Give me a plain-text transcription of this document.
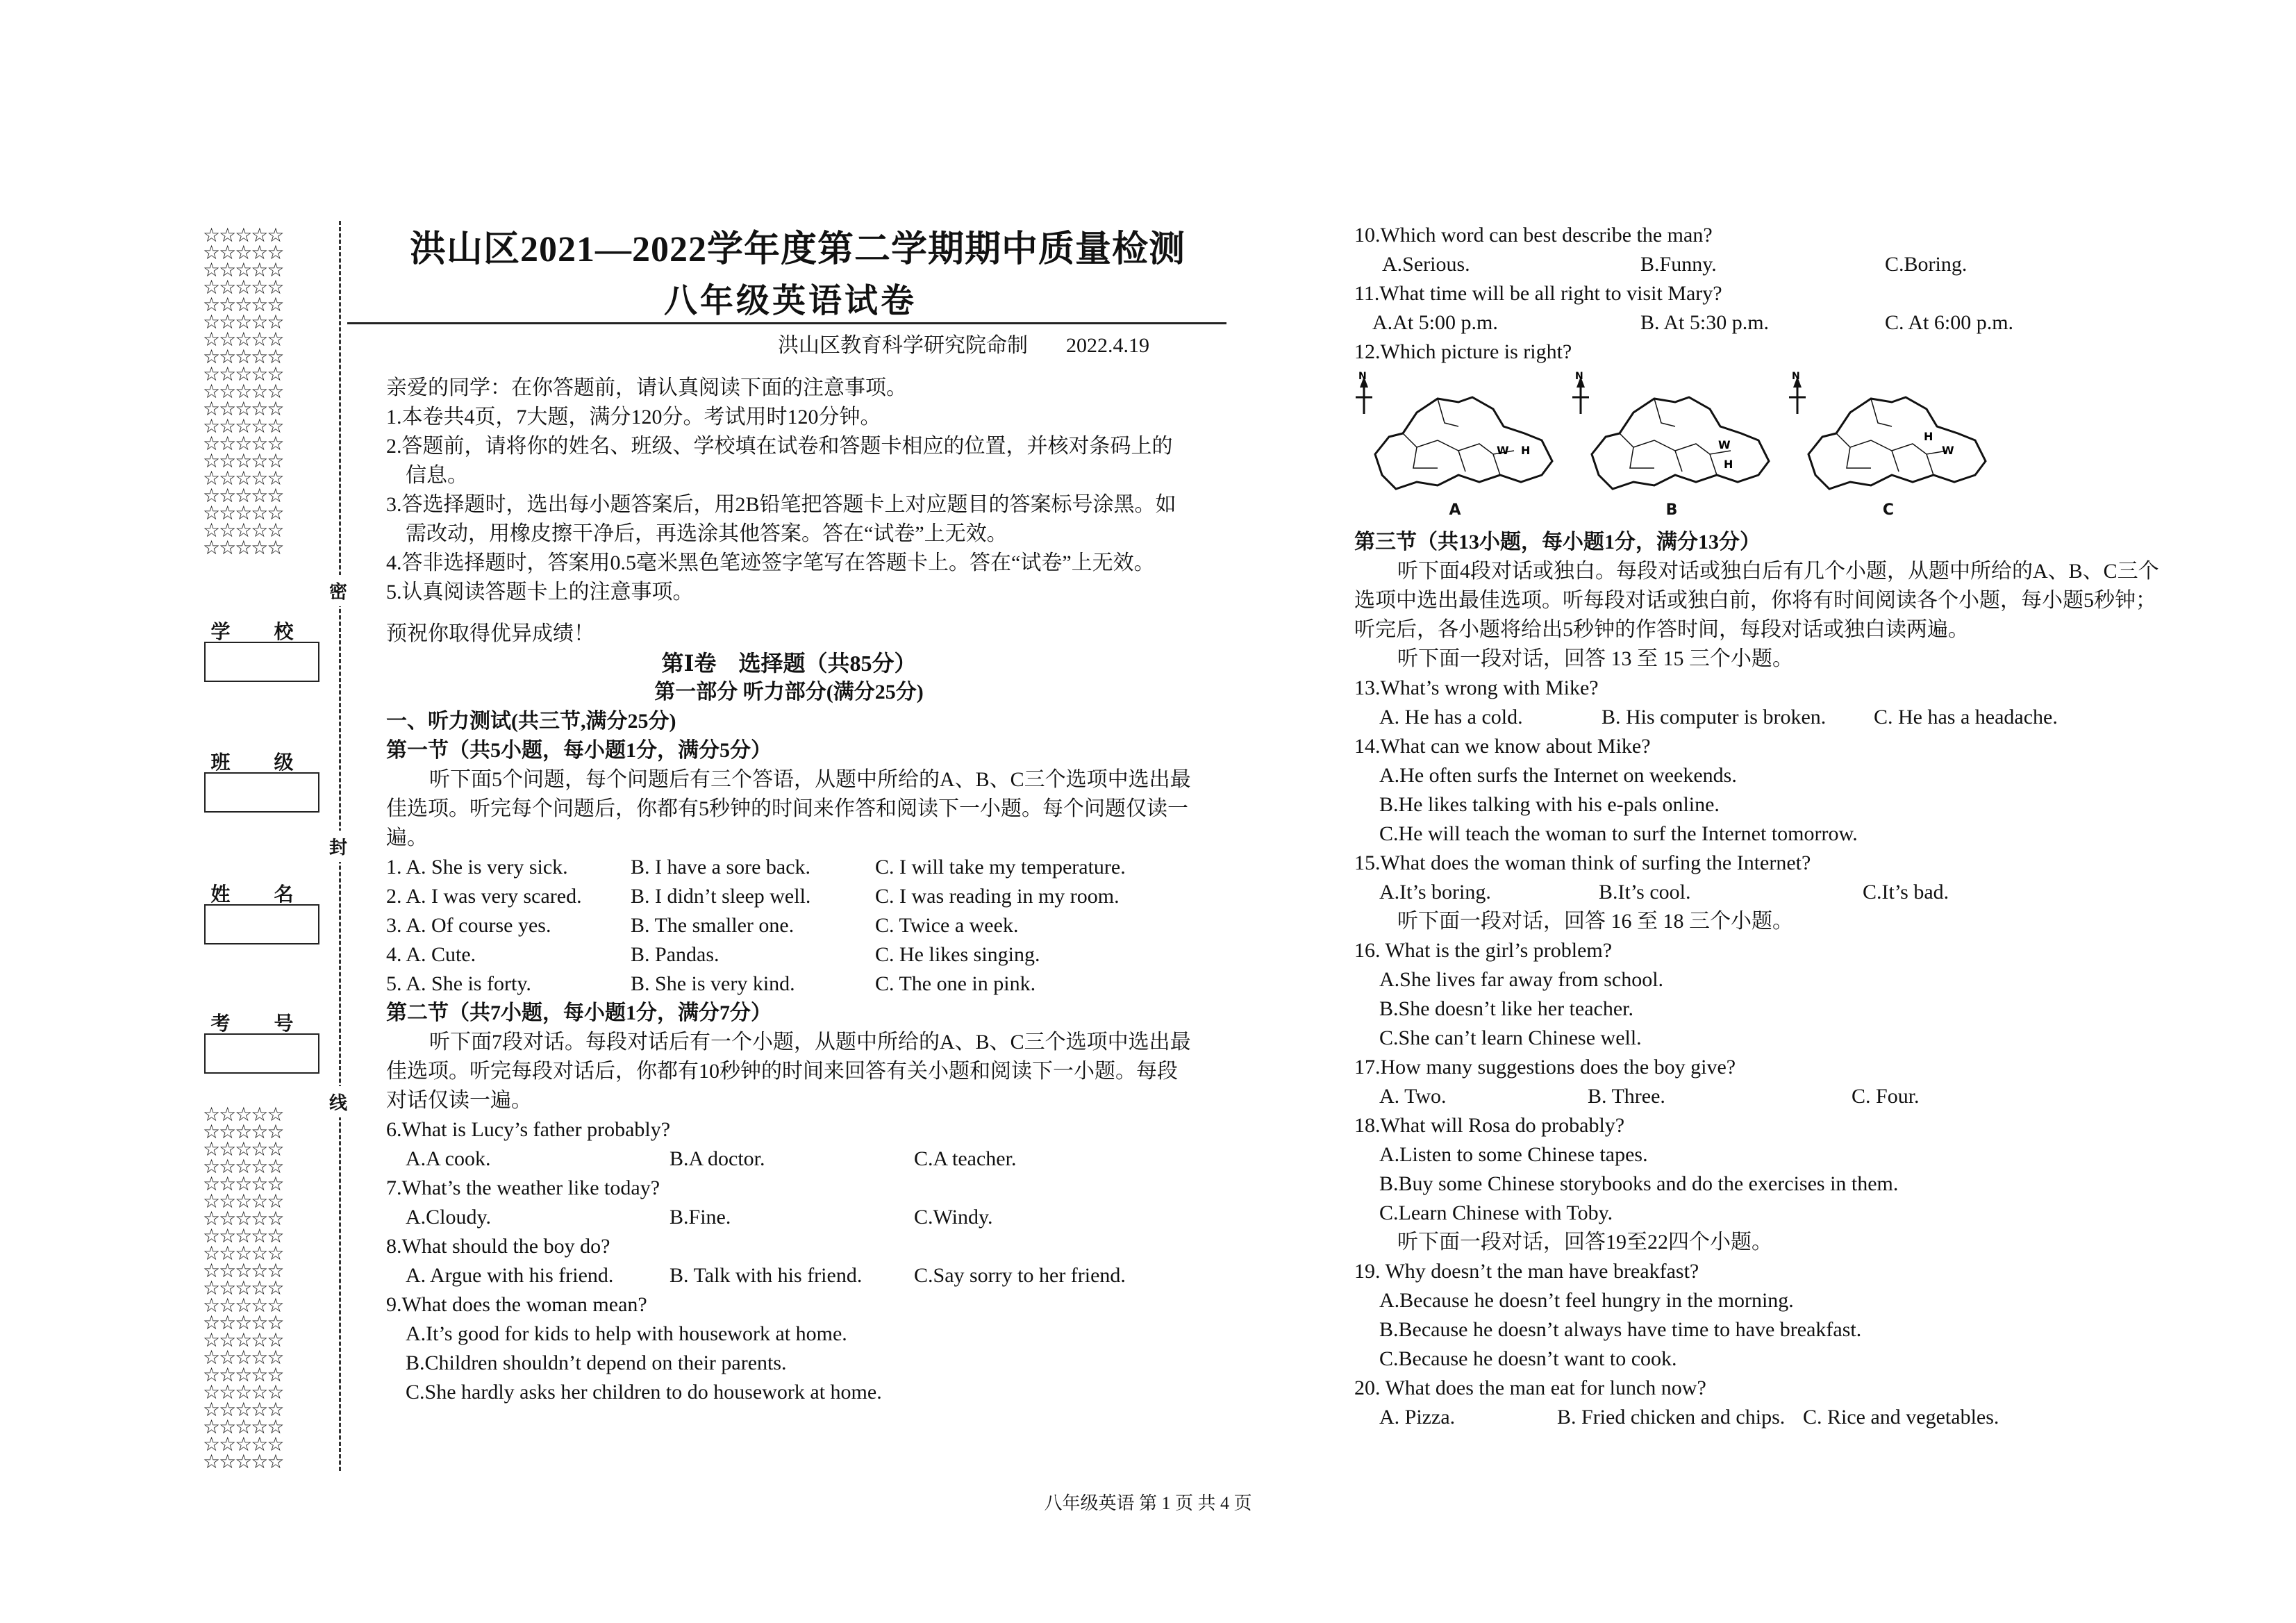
☆☆☆☆☆
☆☆☆☆☆
☆☆☆☆☆
☆☆☆☆☆
☆☆☆☆☆
☆☆☆☆☆
☆☆☆☆☆
☆☆☆☆☆
☆☆☆☆☆
☆☆☆☆☆
☆☆☆☆☆
☆☆☆☆☆
☆☆☆☆☆
☆☆☆☆☆
☆☆☆☆☆
☆☆☆☆☆
☆☆☆☆☆
☆☆☆☆☆
☆☆☆☆☆
☆☆☆☆☆
☆☆☆☆☆
☆☆☆☆☆
☆☆☆☆☆
☆☆☆☆☆
☆☆☆☆☆
☆☆☆☆☆
☆☆☆☆☆
☆☆☆☆☆
☆☆☆☆☆
☆☆☆☆☆
☆☆☆☆☆
☆☆☆☆☆
☆☆☆☆☆
☆☆☆☆☆
☆☆☆☆☆
☆☆☆☆☆
☆☆☆☆☆
☆☆☆☆☆
☆☆☆☆☆
☆☆☆☆☆
密
封
线
学 校
班 级
姓 名
考 号
洪山区2021—2022学年度第二学期期中质量检测
八年级英语试卷
洪山区教育科学研究院命制 2022.4.19

亲爱的同学：在你答题前，请认真阅读下面的注意事项。

1.本卷共4页，7大题，满分120分。考试用时120分钟。

2.答题前，请将你的姓名、班级、学校填在试卷和答题卡相应的位置，并核对条码上的信息。

3.答选择题时，选出每小题答案后，用2B铅笔把答题卡上对应题目的答案标号涂黑。如需改动，用橡皮擦干净后，再选涂其他答案。答在“试卷”上无效。

4.答非选择题时，答案用0.5毫米黑色笔迹签字笔写在答题卡上。答在“试卷”上无效。

5.认真阅读答题卡上的注意事项。

预祝你取得优异成绩！

第Ⅰ卷　选择题（共85分）

第一部分 听力部分(满分25分)

一、听力测试(共三节,满分25分)

第一节（共5小题，每小题1分，满分5分）

听下面5个问题，每个问题后有三个答语，从题中所给的A、B、C三个选项中选出最佳选项。听完每个问题后，你都有5秒钟的时间来作答和阅读下一小题。每个问题仅读一遍。

1. A. She is very sick.	B. I have a sore back.	C. I will take my temperature.
2. A. I was very scared.	B. I didn’t sleep well.	C. I was reading in my room.
3. A. Of course yes.	B. The smaller one.	C. Twice a week.
4. A. Cute.	B. Pandas.	C. He likes singing.
5. A. She is forty.	B. She is very kind.	C. The one in pink.

第二节（共7小题，每小题1分，满分7分）

听下面7段对话。每段对话后有一个小题，从题中所给的A、B、C三个选项中选出最佳选项。听完每段对话后，你都有10秒钟的时间来回答有关小题和阅读下一小题。每段对话仅读一遍。

6.What is Lucy’s father probably?

A.A cook.	B.A doctor.	C.A teacher.

7.What’s the weather like today?

A.Cloudy.	B.Fine.	C.Windy.

8.What should the boy do?

A. Argue with his friend.	B. Talk with his friend.	C.Say sorry to her friend.

9.What does the woman mean?

A.It’s good for kids to help with housework at home.

B.Children shouldn’t depend on their parents.

C.She hardly asks her children to do housework at home.

10.Which word can best describe the man?

A.Serious.	B.Funny.	C.Boring.

11.What time will be all right to visit Mary?

A.At 5:00 p.m.	B. At 5:30 p.m.	C. At 6:00 p.m.

12.Which picture is right?

N
W H
A
N
W
H
B
N
W
H
C

第三节（共13小题，每小题1分，满分13分）

听下面4段对话或独白。每段对话或独白后有几个小题，从题中所给的A、B、C三个选项中选出最佳选项。听每段对话或独白前，你将有时间阅读各个小题，每小题5秒钟；听完后，各小题将给出5秒钟的作答时间，每段对话或独白读两遍。

听下面一段对话，回答 13 至 15 三个小题。

13.What’s wrong with Mike?

A. He has a cold.	B. His computer is broken.	C. He has a headache.

14.What can we know about Mike?

A.He often surfs the Internet on weekends.

B.He likes talking with his e-pals online.

C.He will teach the woman to surf the Internet tomorrow.

15.What does the woman think of surfing the Internet?

A.It’s boring.	B.It’s cool.	C.It’s bad.

听下面一段对话，回答 16 至 18 三个小题。

16. What is the girl’s problem?

A.She lives far away from school.

B.She doesn’t like her teacher.

C.She can’t learn Chinese well.

17.How many suggestions does the boy give?

A. Two.	B. Three.	C. Four.

18.What will Rosa do probably?

A.Listen to some Chinese tapes.

B.Buy some Chinese storybooks and do the exercises in them.

C.Learn Chinese with Toby.

听下面一段对话，回答19至22四个小题。

19. Why doesn’t the man have breakfast?

A.Because he doesn’t feel hungry in the morning.

B.Because he doesn’t always have time to have breakfast.

C.Because he doesn’t want to cook.

20. What does the man eat for lunch now?

A. Pizza.	B. Fried chicken and chips. C. Rice and vegetables.
八年级英语 第 1 页 共 4 页
